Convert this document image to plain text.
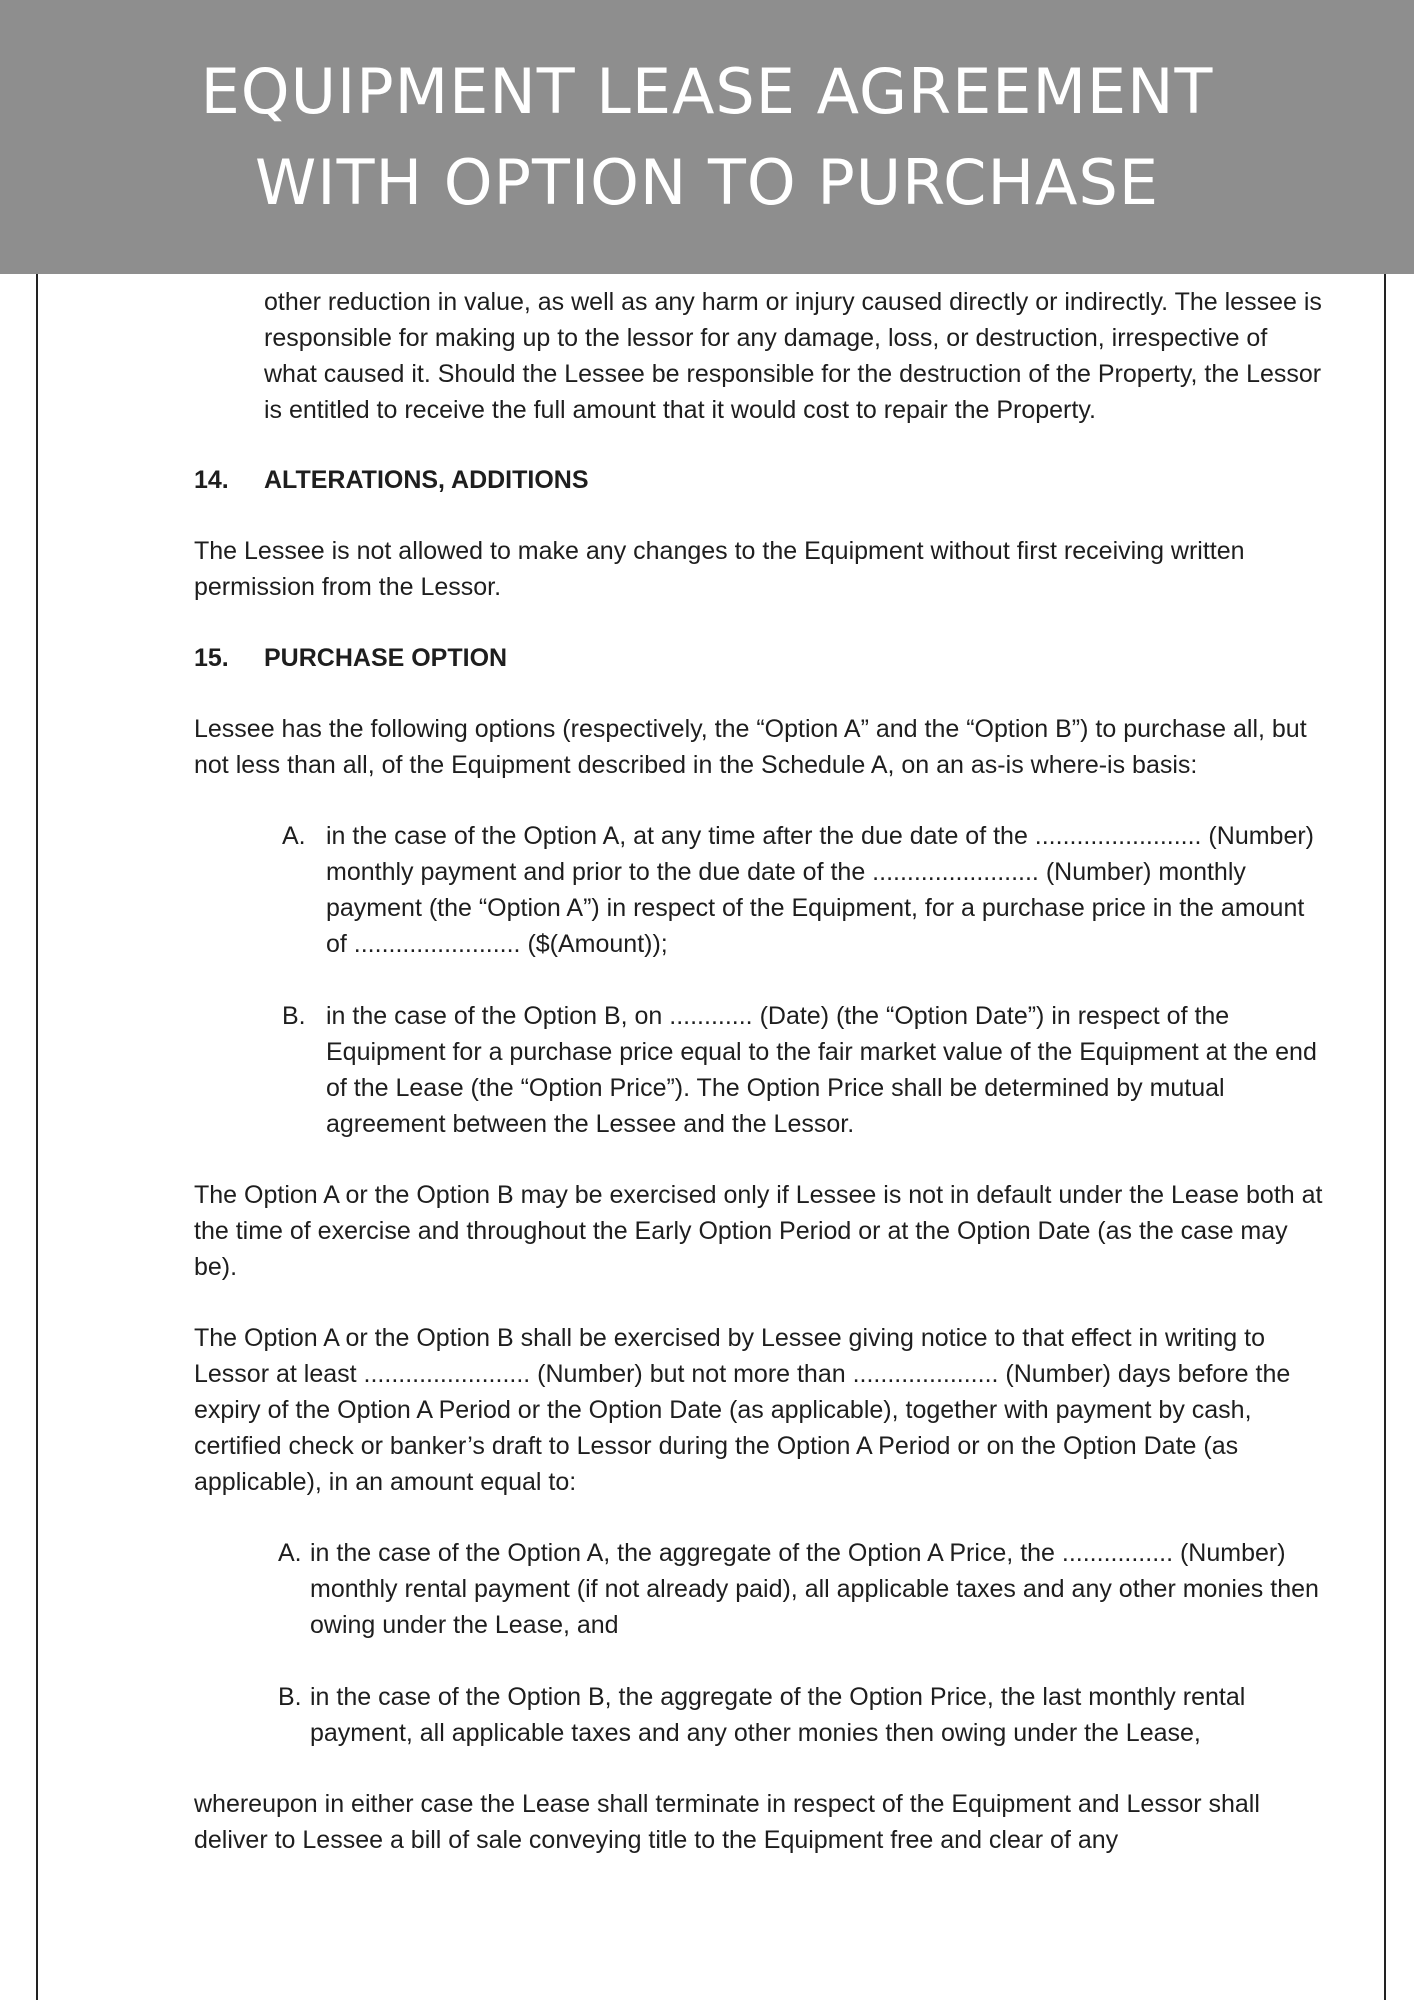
EQUIPMENT LEASE AGREEMENT
WITH OPTION TO PURCHASE

other reduction in value, as well as any harm or injury caused directly or indirectly. The lessee is responsible for making up to the lessor for any damage, loss, or destruction, irrespective of what caused it. Should the Lessee be responsible for the destruction of the Property, the Lessor is entitled to receive the full amount that it would cost to repair the Property.

14.	ALTERATIONS, ADDITIONS

The Lessee is not allowed to make any changes to the Equipment without first receiving written permission from the Lessor.

15.	PURCHASE OPTION

Lessee has the following options (respectively, the “Option A” and the “Option B”) to purchase all, but not less than all, of the Equipment described in the Schedule A, on an as-is where-is basis:

A. in the case of the Option A, at any time after the due date of the ........................ (Number) monthly payment and prior to the due date of the ........................ (Number) monthly payment (the “Option A”) in respect of the Equipment, for a purchase price in the amount of ........................ ($(Amount));
B. in the case of the Option B, on ............ (Date) (the “Option Date”) in respect of the Equipment for a purchase price equal to the fair market value of the Equipment at the end of the Lease (the “Option Price”). The Option Price shall be determined by mutual agreement between the Lessee and the Lessor.

The Option A or the Option B may be exercised only if Lessee is not in default under the Lease both at the time of exercise and throughout the Early Option Period or at the Option Date (as the case may be).

The Option A or the Option B shall be exercised by Lessee giving notice to that effect in writing to Lessor at least ........................ (Number) but not more than ..................... (Number) days before the expiry of the Option A Period or the Option Date (as applicable), together with payment by cash, certified check or banker’s draft to Lessor during the Option A Period or on the Option Date (as applicable), in an amount equal to:

A. in the case of the Option A, the aggregate of the Option A Price, the ................ (Number) monthly rental payment (if not already paid), all applicable taxes and any other monies then owing under the Lease, and
B. in the case of the Option B, the aggregate of the Option Price, the last monthly rental payment, all applicable taxes and any other monies then owing under the Lease,

whereupon in either case the Lease shall terminate in respect of the Equipment and Lessor shall deliver to Lessee a bill of sale conveying title to the Equipment free and clear of any
